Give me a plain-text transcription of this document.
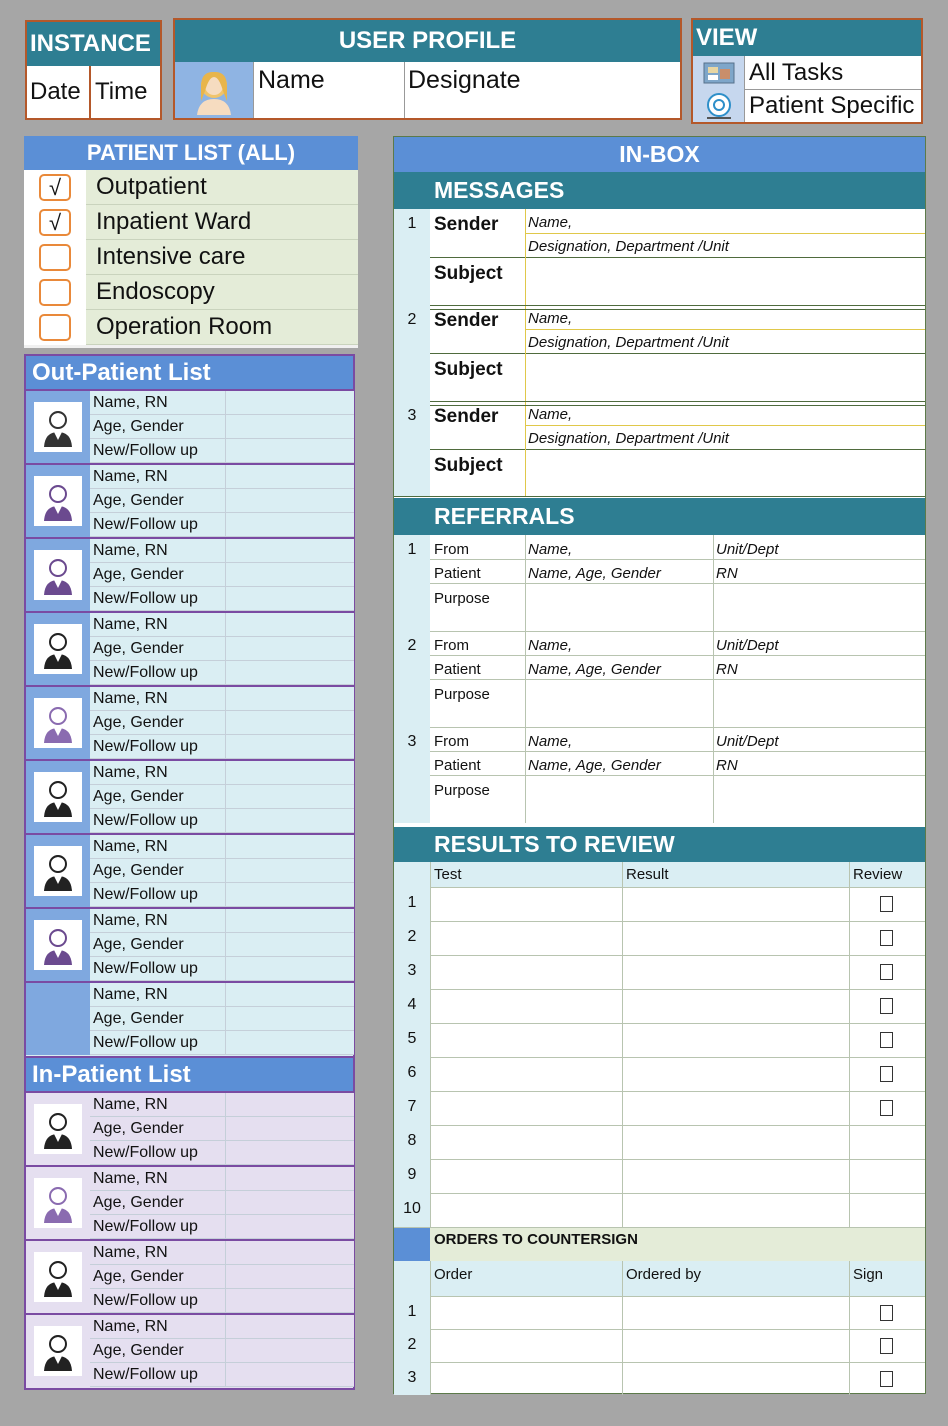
INSTANCE
Date Time
USER PROFILE
Name	Designate
VIEW
All Tasks
Patient Specific
PATIENT LIST (ALL)
√	Outpatient
√	Inpatient Ward
Intensive care
Endoscopy
Operation Room
Out-Patient List
Name, RN
Age, Gender
New/Follow up
Name, RN
Age, Gender
New/Follow up
Name, RN
Age, Gender
New/Follow up
Name, RN
Age, Gender
New/Follow up
Name, RN
Age, Gender
New/Follow up
Name, RN
Age, Gender
New/Follow up
Name, RN
Age, Gender
New/Follow up
Name, RN
Age, Gender
New/Follow up
Name, RN
Age, Gender
New/Follow up
In-Patient List
Name, RN
Age, Gender
New/Follow up
Name, RN
Age, Gender
New/Follow up
Name, RN
Age, Gender
New/Follow up
Name, RN
Age, Gender
New/Follow up
IN-BOX
MESSAGES
REFERRALS
RESULTS TO REVIEW
1 Sender Name,
Designation, Department /Unit
Subject
2 Sender Name,
Designation, Department /Unit
Subject
3 Sender Name,
Designation, Department /Unit
Subject
1	From	Name,	Unit/Dept
Patient	Name, Age, Gender	RN
Purpose
2	From	Name,	Unit/Dept
Patient	Name, Age, Gender	RN
Purpose
3	From	Name,	Unit/Dept
Patient	Name, Age, Gender	RN
Purpose
Test	Result	Review
1
2
3
4
5
6
7
8
9
10
ORDERS TO COUNTERSIGN
Order	Ordered by	Sign
1
2
3
